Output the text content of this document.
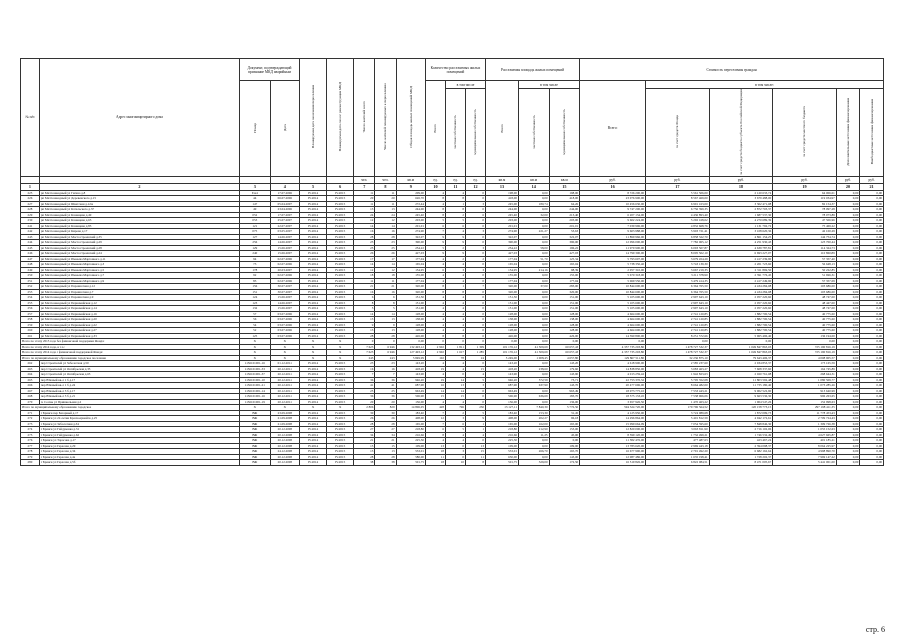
№ п/п	Адрес многоквартирного дома	Документ, подтверждающий признание МКД аварийным		Планируемая дата окончания переселения	Планируемая дата сноса/ реконструкции МКД	Число жителей всего	Число жителей планируемых к переселению	Общая площадь жилых помещений МКД	Количество расселяемых жилых помещений			Расселяемая площадь жилых помещений			Стоимость переселения граждан					
		Номер	Дата						Всего	в том числе		Всего	в том числе		Всего:	в том числе:				
										частная собственность	муниципальная собственность		частная собственность	муниципальная собственность		за счет средств Фонда	за счет средств бюджета субъекта Российской Федерации	за счет средств местного бюджета	Дополнительные источники финансирования	Внебюджетные источники финансирования
						чел.	чел.	кв.м	ед.	ед.	ед.	кв.м	кв.м	кв.м	руб.	руб.	руб.	руб.	руб.	руб.
1	2	3	4	5	6	7	8	9	10	11	12	13	14	15	16	17	18	19	20	21
225	рп Мачтозаводный ул Гагина д.8	ЕА4	17.07.2006	IV.2014	IV.2015	11	11	209,00	4	4	0	198,00	0,00	198,00	8 726 200,00	5 561 506,00	2 120 633,74	64 006,01	0,00	0,00
226	рп Мачтозаводный ул Деревенского д.15	44	06.07.2006	IV.2014	IV.2015	20	20	626,70	8	8	0	418,00	0,00	418,00	23 076 900,00	8 567 469,00	3 679 488,00	119 034,97	0,00	0,00
227	рп Мачтозаводный ул Шветская д.12А	147	05.04.2007	IV.2014	IV.2015	11	11	272,44	4	1	3	245,00	180,74	64,26	10 456 630,00	6 991 163,00	3 302 471,08	82 154,37	0,00	0,00
228	рп Мачтозаводный ул Катальского д.37	49	23.04.2006	IV.2014	IV.2015	13	13	244,00	8	8	0	244,00	0,00	244,00	9 747 200,00	6 756 399,35	2 872 703,37	78 097,28	0,00	0,00
229	рп Мачтозаводный ул Казанцева д.49	052	17.07.2007	IV.2014	IV.2015	24	24	245,40	8	2	6	245,40	32,00	213,40	6 207 134,00	4 436 893,40	1 687 537,30	78 073,89	0,00	0,00
230	рп Мачтозаводный ул Казанцева д.63	053	25.07.2007	IV.2014	IV.2015	12	12	203,00	5	5	0	203,00	0,00	203,00	9 602 224,00	5 292 168,02	4 270 689,39	47 506,96	0,00	0,00
241	рп Мачтозаводный ул Казанцева д.83	121	22.07.2007	IV.2014	IV.2015	14	14	201,01	6	6	0	201,01	0,00	201,01	7 039 996,00	4 832 668,76	1 131 792,72	75 469,22	0,00	0,00
242	рп Мачтозаводный ул Кирова д.17	075	03.05.2007	IV.2014	IV.2015	16	16	274,90	7	4	3	274,90	221,27	53,63	9 603 988,00	5 903 721,41	3 108 620,36	42 100,29	0,00	0,00
243	рп Мачтозаводный ул Мостостроевский д.35	127	14.06.2007	IV.2014	IV.2015	28	28	322,07	9	9	0	322,07	0,00	322,07	11 899 966,00	6 858 322,70	4 861 154,25	144 754,74	0,00	0,00
244	рп Мачтозаводный ул Мостостроевский д.29	256	14.06.2007	IV.2014	IV.2015	23	23	390,00	9	9	0	390,00	0,00	390,00	12 096 000,00	7 782 065,12	4 251 930,43	123 700,44	0,00	0,00
245	рп Мачтозаводный ул Мостостроевский д.28	129	15.06.2007	IV.2014	IV.2015	25	25	254,22	5	2	3	254,22	58,00	196,22	11 979 900,00	6 093 507,87	4 639 787,81	114 324,73	0,00	0,00
246	рп Мачтозаводный ул Мостостроевский д.24	240	15.06.2007	IV.2014	IV.2015	26	26	427,03	9	9	0	427,03	0,00	427,03	14 799 300,00	8 005 502,10	6 693 227,07	110 860,89	0,00	0,00
247	рп Мачтозаводный ул Имаеева Мартовкого д.11	94	02.07.2006	IV.2014	IV.2015	17	17	177,04	4	2	2	177,04	51,70	125,34	5 793 607,00	3 679 454,29	2 417 239,90	57 357,40	0,00	0,00
248	рп Мачтозаводный ул Имаеева Мартовкого д.3	73	02.07.2006	IV.2014	IV.2015	14	14	165,04	4	4	0	165,04	0,00	165,04	5 738 350,40	3 743 139,30	2 201 723,60	56 648,13	0,00	0,00
249	рп Мачтозаводный ул Имаеева Мартовкого д.5	178	20.03.2007	IV.2014	IV.2015	12	12	154,95	6	3	3	154,95	214,16	98,39	2 057 310,00	3 667 219,35	2 311 869,50	50 222,85	0,00	0,00
250	рп Мачтозаводный ул Имаеева Мартовкого д.7	92	02.07.2006	IV.2014	IV.2015	18	18	155,00	4	4	0	155,00	0,00	155,00	5 670 318,00	3 211 378,90	2 391 776,45	51 696,31	0,00	0,00
251	рп Мачтозаводный ул Имаеева Мартовкого д.9	83	02.07.2006	IV.2014	IV.2015	11	11	177,04	4	4	0	177,04	0,00	177,04	5 069 550,00	3 479 414,35	2 417 249,90	57 357,09	0,00	0,00
252	рп Мачтозаводный ул Парашютная д.12	156	30.07.2007	IV.2014	IV.2015	21	21	320,00	8	1	7	320,00	37,00	283,00	10 844 600,00	6 364 765,50	4 434 284,08	103 686,00	0,00	0,00
253	рп Мачтозаводный ул Парашютная д.7	151	30.07.2007	IV.2014	IV.2015	16	16	320,00	8	8	0	320,00	0,00	320,00	10 844 600,00	6 364 765,50	4 434 284,08	103 686,00	0,00	0,00
254	рп Мачтозаводный ул Парашютная д.9	124	15.06.2007	IV.2014	IV.2015	6	6	151,50	4	4	0	151,50	0,00	151,00	5 105 600,00	2 997 643,10	2 057 220,60	48 747,00	0,00	0,00
255	рп Мачтозаводный ул Первомайская д.12	123	14.06.2007	IV.2014	IV.2015	8	8	151,00	4	4	0	151,00	0,00	151,00	5 105 600,00	2 997 643,10	2 057 220,60	48 447,00	0,00	0,00
256	рп Мачтозаводный ул Первомайская д.14	132	15.06.2007	IV.2014	IV.2015	5	5	151,00	4	4	0	151,00	0,00	151,00	5 105 600,00	2 997 643,10	2 057 220,60	48 747,00	0,00	0,00
257	рп Мачтозаводный ул Первомайская д.16	57	03.07.2006	IV.2014	IV.2015	14	14	128,00	4	4	0	128,00	0,00	128,00	4 664 600,00	2 741 120,85	1 882 700,54	40 775,60	0,00	0,00
258	рп Мачтозаводный ул Первомайская д.20	56	03.07.2006	IV.2014	IV.2015	13	13	138,00	4	4	0	138,00	0,00	138,00	4 664 600,00	2 741 120,85	1 882 700,54	40 775,60	0,00	0,00
259	рп Мачтозаводный ул Первомайская д.22	54	03.07.2006	IV.2014	IV.2015	9	9	128,00	4	4	0	128,00	0,00	128,00	4 664 600,00	2 741 120,85	1 882 700,54	40 775,60	0,00	0,00
260	рп Мачтозаводный ул Первомайская д.27	52	03.07.2006	IV.2014	IV.2015	13	13	128,00	4	4	0	128,00	0,00	128,00	4 664 600,00	2 741 120,85	1 882 700,54	40 775,60	0,00	0,00
261	рп Мачтозаводный ул Первомайская д.33	125	03.07.2006	IV.2014	IV.2015	28	28	426,00	8	8	0	426,00	0,00	426,00	14 390 800,00	8 251 572,66	5 965 496,40	136 194,00	0,00	0,00
Всего по этапу 2015 года без финансовой поддержки Фонда:		X	X	X	X	0	0	0,00	0	0	0	0,00	0,00	0,00	0,00	0,00	0,00	0,00	0,00	0,00
Всего по этапу 2014 года, в т.ч.:		X	X	X	X	7 623	6 946	132 493,12	2 902	1 811	1 309	101 176,12	41 309,69	60 657,43	4 357 735 203,80	1 478 727 532,37	1 049 847 863,03	725 190 816,19	0,00	0,00
Всего по этапу 2014 года с финансовой поддержкой Фонда:		X	X	X	X	7 623	6 946	127 493,12	2 902	1 617	1 285	101 176,12	41 309,69	60 657,43	4 357 735 203,80	1 478 727 532,37	1 049 847 863,03	725 190 816,19	0,00	0,00
Итого по муниципальному образованию городское поселение		X	X	X	X	243	243	5 849,99	102	78	24	5 249,00	1 008,45	4 657,80	129 867 511,80	32 236 875,10	79 643 406,37	4 008 905,57	0,00	0,00
262	пер Строителей ул Заболотная д.50	1156101001-16	01.12.2011	IV.2014	IV.2015	23	23	143,20	4	4	0	143,20	0,00	143,20	4 618 900,00	2 585 237,60	2 934 853,37	173 165,59	0,00	0,00
263	пер Строителей ул Октябрьская д.33	1156101001-33	20.12.2011	IV.2014	IV.2015	16	16	418,20	19	4	15	418,20	238,60	179,60	14 838 850,00	3 683 463,27	7 608 337,60	164 745,89	0,00	0,00
264	пер Строителей ул Октябрьская д.63	1156101001-37	20.12.2011	IV.2014	IV.2015	7	7	143,90	4	0	4	143,90	0,00	143,90	4 013 259,42	1 942 823,63	2 020 761,08	268 644,31	0,00	0,00
265	пер Южный кв-л 1 б д.17	1156101001-10	20.12.2011	IV.2014	IV.2015	36	36	946,20	19	14	5	946,20	572,59	73,71	22 753 370,32	5 705 352,08	11 803 592,48	1 080 509,77	0,00	0,00
266	пер Южный кв-л 1 б д.24	1156101001-21	20.12.2011	IV.2014	IV.2015	41	41	687,90	16	13	3	687,90	637,90	143,70	20 477 696,00	8 664 482,00	11 735 180,40	1 073 285,26	0,00	0,00
267	пер Южный кв-л 3 б д.17	1156101001-14	20.12.2011	IV.2014	IV.2015	25	25	963,49	14	14	0	963,49	0,00	963,49	18 073 775,10	7 533 443,21	9 902 522,90	913 640,99	0,00	0,00
268	пер Южный кв-л 3 б д.21	1156101001-16	20.12.2011	IV.2014	IV.2015	36	36	506,90	15	15	0	506,90	636,69	183,70	18 575 133,45	7 538 966,06	9 663 536,30	996 263,65	0,00	0,00
270	п. Сосны ул Пришкольная д.2	1156101001-19	20.12.2011	IV.2014	IV.2015	20	20	136,00	4	4	0	136,00	0,00	136,00	3 657 926,50	1 470 463,22	1 904 547,26	152 998,63	0,00	0,00
Итого по муниципальному образованию городское		X	X	X	X	2 806	829	14 806,05	428	796	230	13 127,11	7 840,30	5 776,50	594 324 720,00	179 796 564,52	120 158 773,15	297 198 411,35	0,00	0,00
271	г Брянск пер Базарный д.17	ВЖ	23.09.2008	IV.2014	IV.2015	30	30	183,40	7	2	5	183,40	153,30	31,45	4 125 950,00	3 724 089,68	1 872 099,73	11 778 453,43	0,00	0,00
272	г Брянск ул 22-летия Красноармейск д.25	ВЖ	21.09.2008	IV.2014	IV.2015	26	26	408,00	12	3	9	408,00	202,27	96,18	14 296 864,00	5 401 812,59	4 942 172,61	2 709 724,43	0,00	0,00
273	г Брянск ул Заболотная д.34	ВЖ	21.09.2008	IV.2014	IV.2015	28	28	165,00	7	6	1	165,00	162,00	165,00	15 099 664,09	7 054 595,60	7 848 846,30	1 309 726,38	0,00	0,00
274	г Брянск ул Гайдуковка д.31	ВЖ	20.12.2008	IV.2014	IV.2015	27	27	218,80	6	5	1	218,80	212,90	153,00	12 820 000,00	3 063 811,90	2 716 102,06	1 055 152,63	0,00	0,00
275	г Брянск ул Гайдуковка д.62	ВЖ	20.12.2008	IV.2014	IV.2015	34	34	216,66	8	4	4	216,66	11,25	45,00	8 599 120,00	1 732 499,21	1 746 532,49	4 627 665,87	0,00	0,00
276	г Брянск ул Тарасова д.17	ВЖ	20.12.2008	IV.2014	IV.2015	21	21	225,30	4	4	0	225,30	0,00	0,00	11 582 476,00	477 487,63	423 467,24	401 185,21	0,00	0,00
277	г Брянск ул Герасева д.29	ВЖ	20.12.2008	IV.2014	IV.2015	15	15	109,00	13	0	13	109,00	0,00	109,00	13 783 620,00	2 969 443,18	2 394 098,37	8 064 225,97	0,00	0,00
278	г Брянск ул Герасева д.34	ВЖ	24.12.2008	IV.2014	IV.2015	13	13	533,01	18	3	15	533,01	266,70	165,70	16 677 990,00	2 791 492,20	6 682 162,64	4 998 890,70	0,00	0,00
279	г Брянск ул Герасева д.4а	ВЖ	20.12.2008	IV.2014	IV.2015	28	28	580,00	11	0	11	630,00	0,00	143,00	12 087 486,00	1 635 198,41	1 728 202,37	7 969 147,22	0,00	0,00
280	г Брянск ул Герасева д.5б	ВЖ	20.12.2008	IV.2014	IV.2015	38	38	501,75	18	10	8	501,75	329,00	172,50	16 519 826,00	6 822 084,51	8 471 005,67	5 441 001,00	0,00	0,00
стр. 6
